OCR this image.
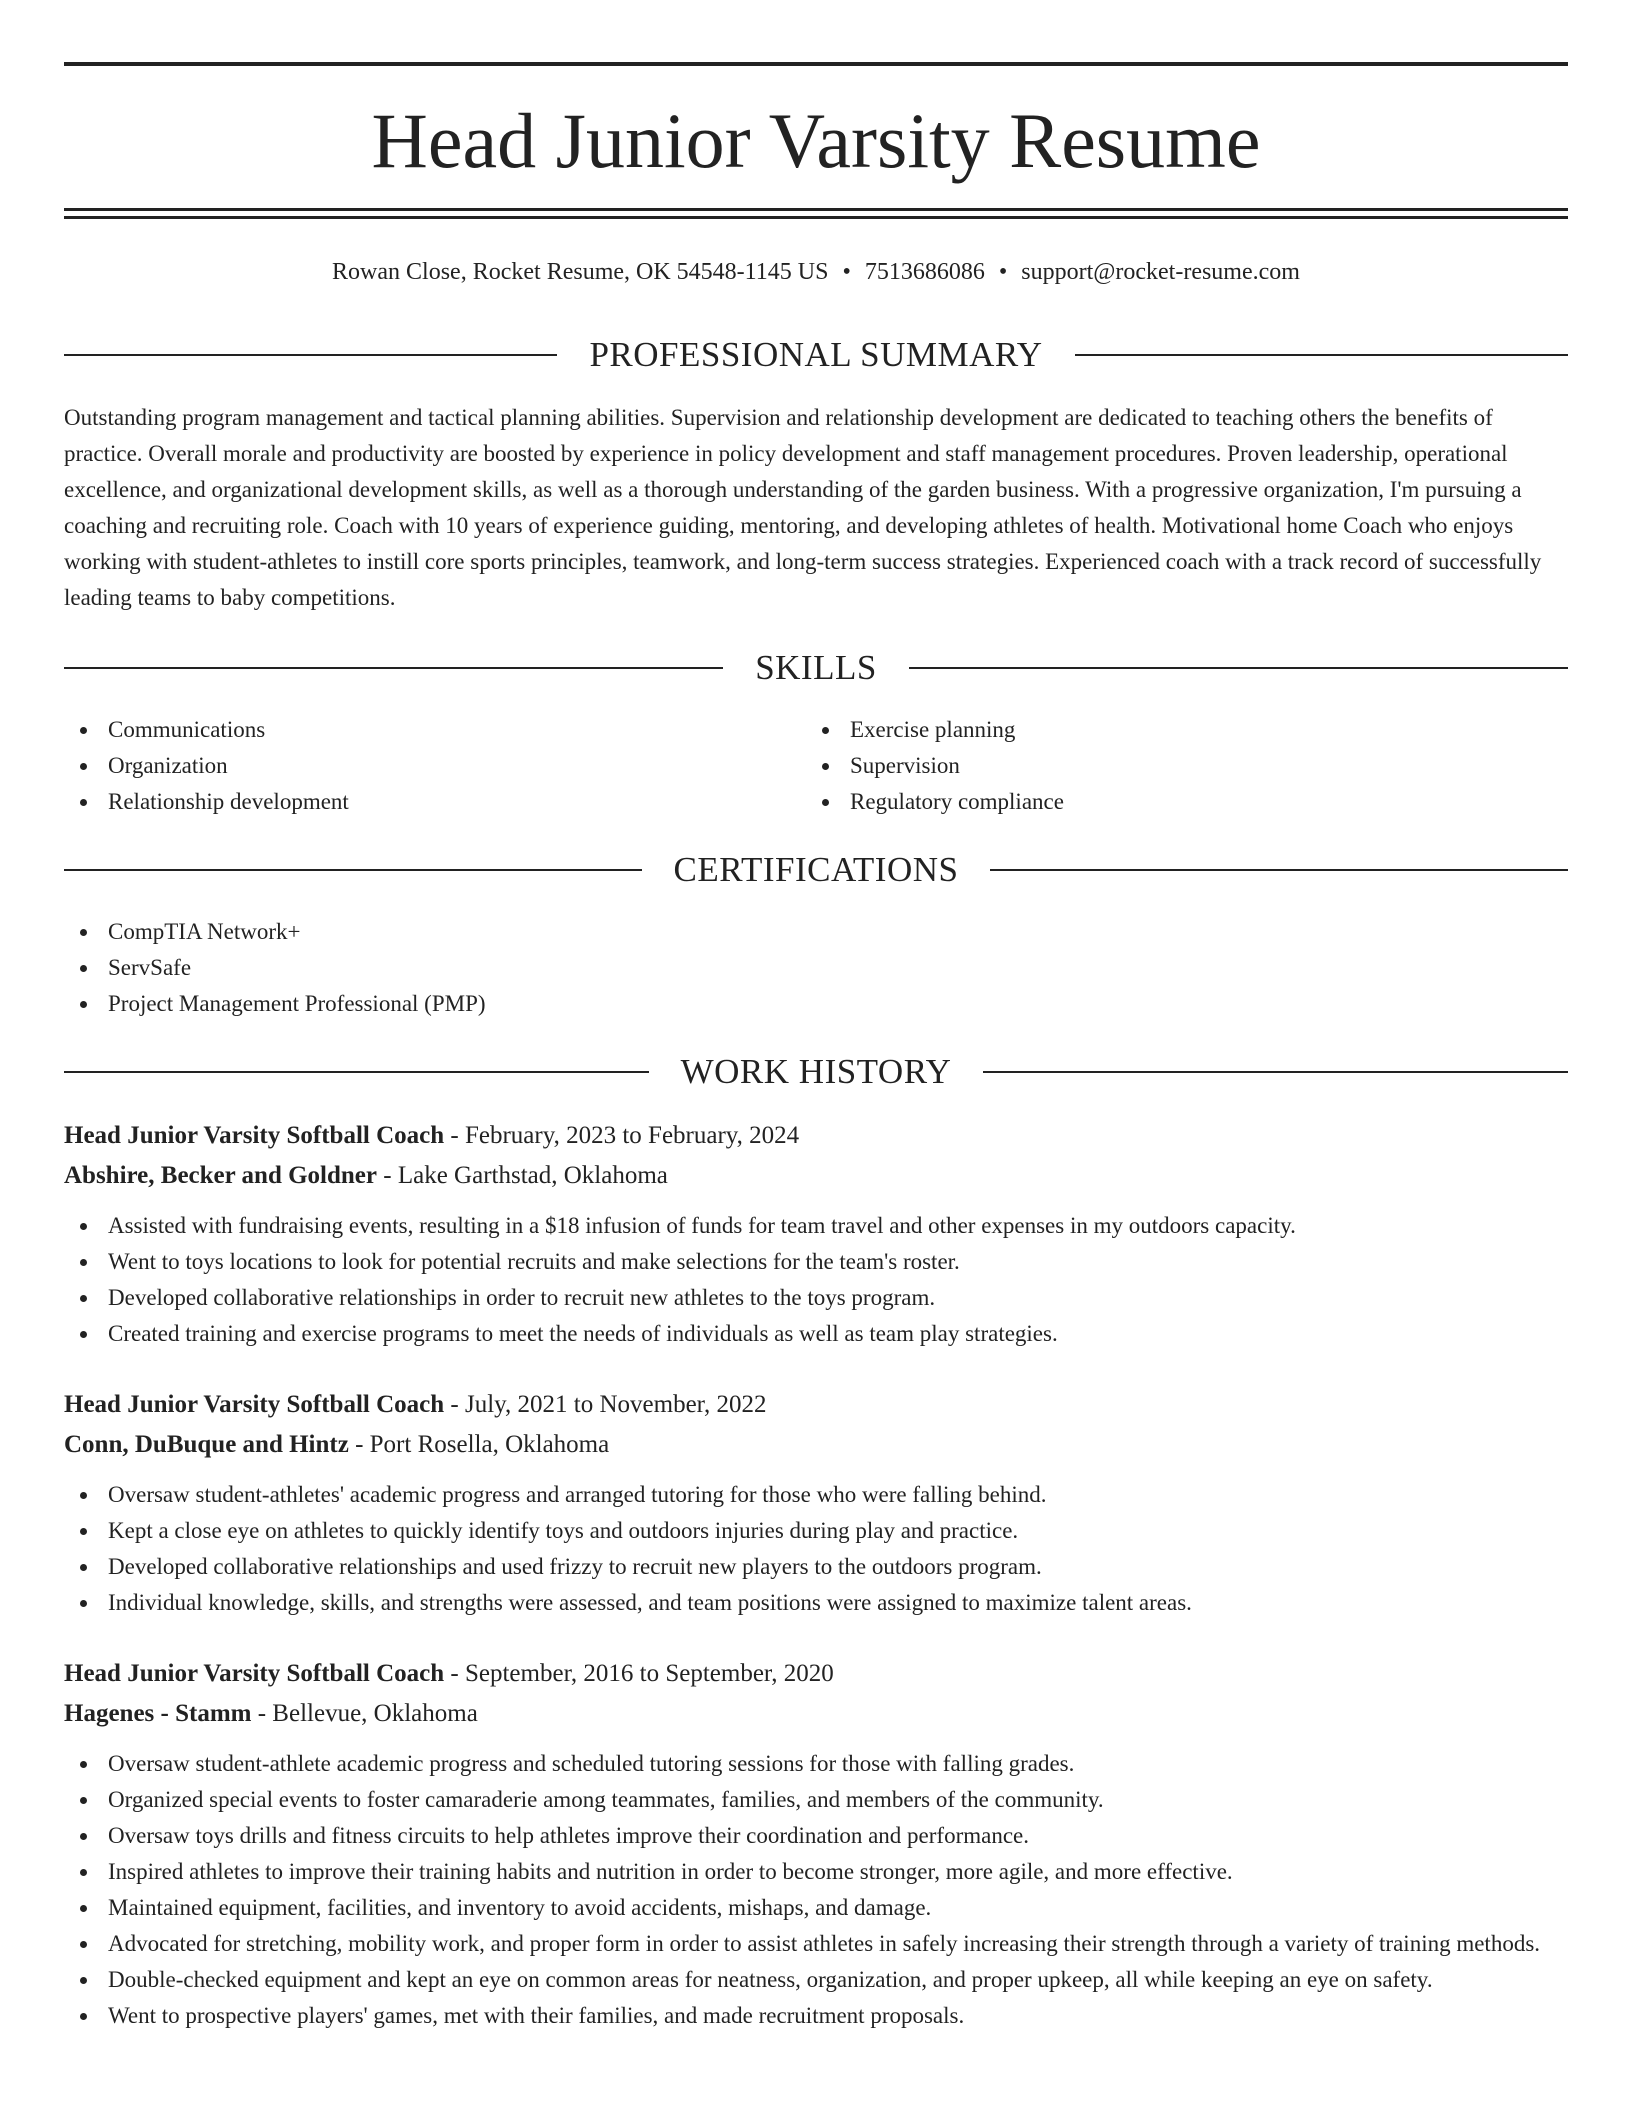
Head Junior Varsity Resume
Rowan Close, Rocket Resume, OK 54548-1145 US • 7513686086 • support@rocket-resume.com
PROFESSIONAL SUMMARY

Outstanding program management and tactical planning abilities. Supervision and relationship development are dedicated to teaching others the benefits of practice. Overall morale and productivity are boosted by experience in policy development and staff management procedures. Proven leadership, operational excellence, and organizational development skills, as well as a thorough understanding of the garden business. With a progressive organization, I'm pursuing a coaching and recruiting role. Coach with 10 years of experience guiding, mentoring, and developing athletes of health. Motivational home Coach who enjoys working with student-athletes to instill core sports principles, teamwork, and long-term success strategies. Experienced coach with a track record of successfully leading teams to baby competitions.

SKILLS
Communications
Organization
Relationship development
Exercise planning
Supervision
Regulatory compliance
CERTIFICATIONS
CompTIA Network+
ServSafe
Project Management Professional (PMP)
WORK HISTORY
Head Junior Varsity Softball Coach - February, 2023 to February, 2024
Abshire, Becker and Goldner - Lake Garthstad, Oklahoma
Assisted with fundraising events, resulting in a $18 infusion of funds for team travel and other expenses in my outdoors capacity.
Went to toys locations to look for potential recruits and make selections for the team's roster.
Developed collaborative relationships in order to recruit new athletes to the toys program.
Created training and exercise programs to meet the needs of individuals as well as team play strategies.
Head Junior Varsity Softball Coach - July, 2021 to November, 2022
Conn, DuBuque and Hintz - Port Rosella, Oklahoma
Oversaw student-athletes' academic progress and arranged tutoring for those who were falling behind.
Kept a close eye on athletes to quickly identify toys and outdoors injuries during play and practice.
Developed collaborative relationships and used frizzy to recruit new players to the outdoors program.
Individual knowledge, skills, and strengths were assessed, and team positions were assigned to maximize talent areas.
Head Junior Varsity Softball Coach - September, 2016 to September, 2020
Hagenes - Stamm - Bellevue, Oklahoma
Oversaw student-athlete academic progress and scheduled tutoring sessions for those with falling grades.
Organized special events to foster camaraderie among teammates, families, and members of the community.
Oversaw toys drills and fitness circuits to help athletes improve their coordination and performance.
Inspired athletes to improve their training habits and nutrition in order to become stronger, more agile, and more effective.
Maintained equipment, facilities, and inventory to avoid accidents, mishaps, and damage.
Advocated for stretching, mobility work, and proper form in order to assist athletes in safely increasing their strength through a variety of training methods.
Double-checked equipment and kept an eye on common areas for neatness, organization, and proper upkeep, all while keeping an eye on safety.
Went to prospective players' games, met with their families, and made recruitment proposals.
